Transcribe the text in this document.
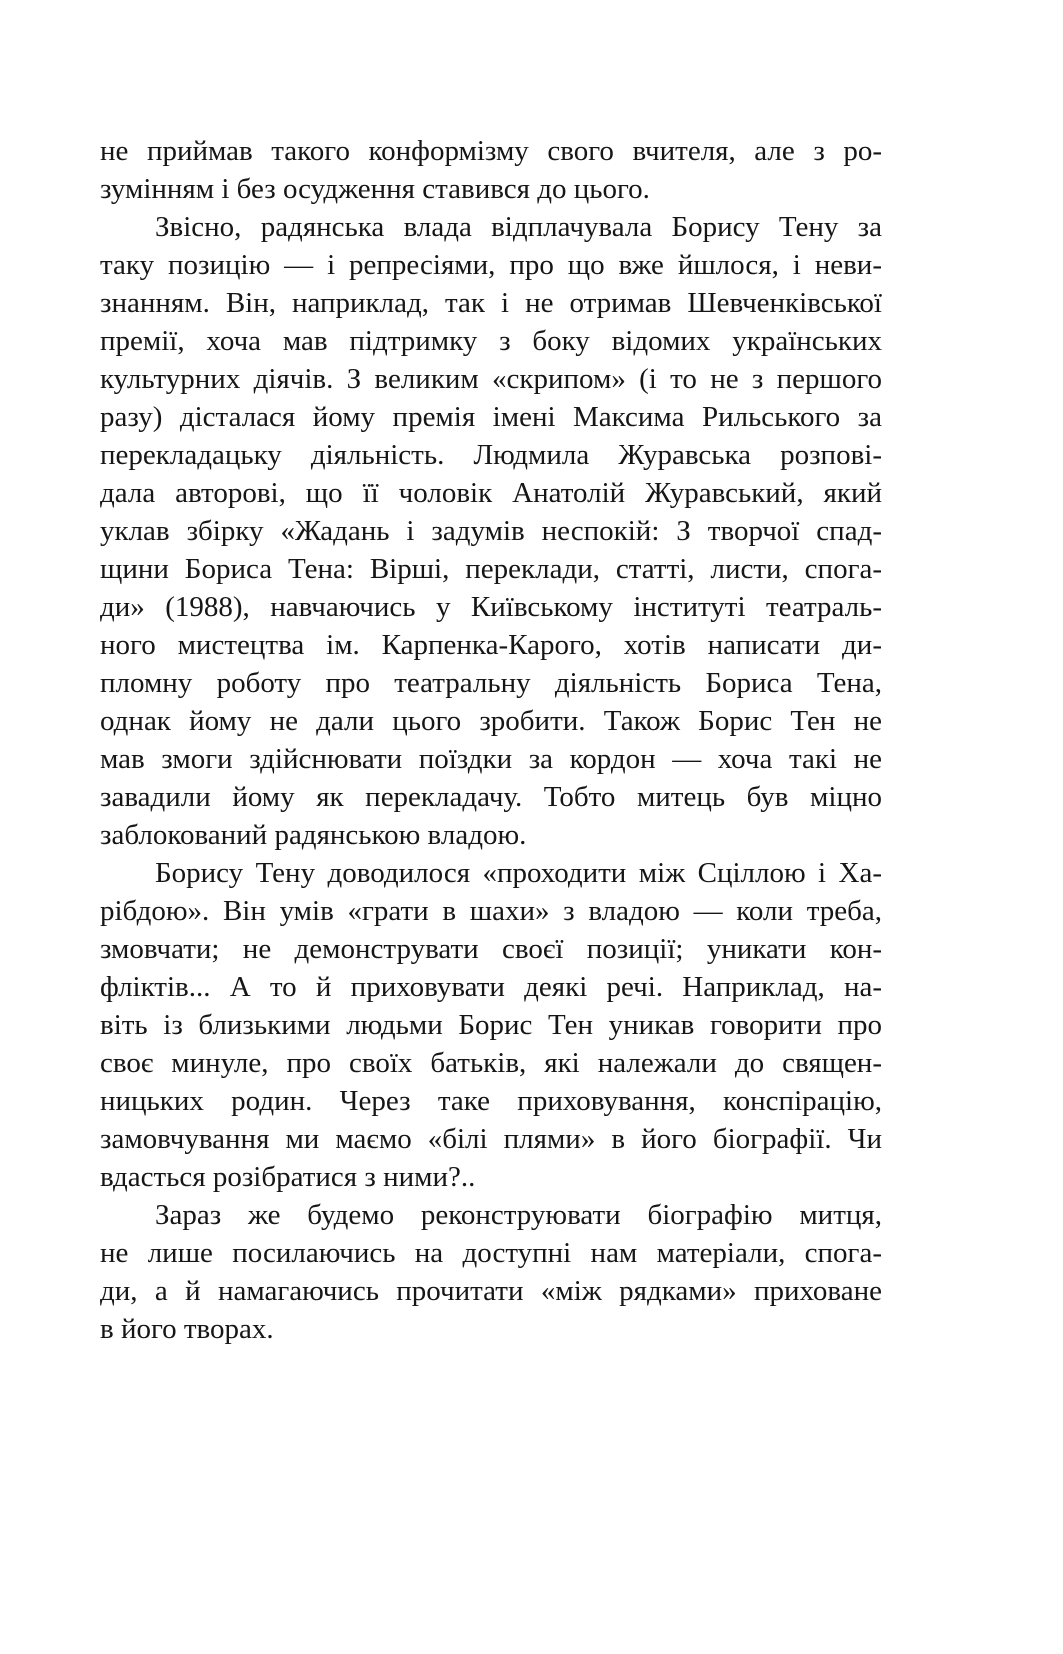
не приймав такого конформізму свого вчителя, але з ро-
зумінням і без осудження ставився до цього.
Звісно, радянська влада відплачувала Борису Тену за
таку позицію — і репресіями, про що вже йшлося, і неви-
знанням. Він, наприклад, так і не отримав Шевченківської
премії, хоча мав підтримку з боку відомих українських
культурних діячів. З великим «скрипом» (і то не з першого
разу) дісталася йому премія імені Максима Рильського за
перекладацьку діяльність. Людмила Журавська розпові-
дала авторові, що її чоловік Анатолій Журавський, який
уклав збірку «Жадань і задумів неспокій: З творчої спад-
щини Бориса Тена: Вірші, переклади, статті, листи, спога-
ди» (1988), навчаючись у Київському інституті театраль-
ного мистецтва ім. Карпенка-Карого, хотів написати ди-
пломну роботу про театральну діяльність Бориса Тена,
однак йому не дали цього зробити. Також Борис Тен не
мав змоги здійснювати поїздки за кордон — хоча такі не
завадили йому як перекладачу. Тобто митець був міцно
заблокований радянською владою.
Борису Тену доводилося «проходити між Сціллою і Ха-
рібдою». Він умів «грати в шахи» з владою — коли треба,
змовчати; не демонструвати своєї позиції; уникати кон-
фліктів... А то й приховувати деякі речі. Наприклад, на-
віть із близькими людьми Борис Тен уникав говорити про
своє минуле, про своїх батьків, які належали до священ-
ницьких родин. Через таке приховування, конспірацію,
замовчування ми маємо «білі плями» в його біографії. Чи
вдасться розібратися з ними?..
Зараз же будемо реконструювати біографію митця,
не лише посилаючись на доступні нам матеріали, спога-
ди, а й намагаючись прочитати «між рядками» приховане
в його творах.
